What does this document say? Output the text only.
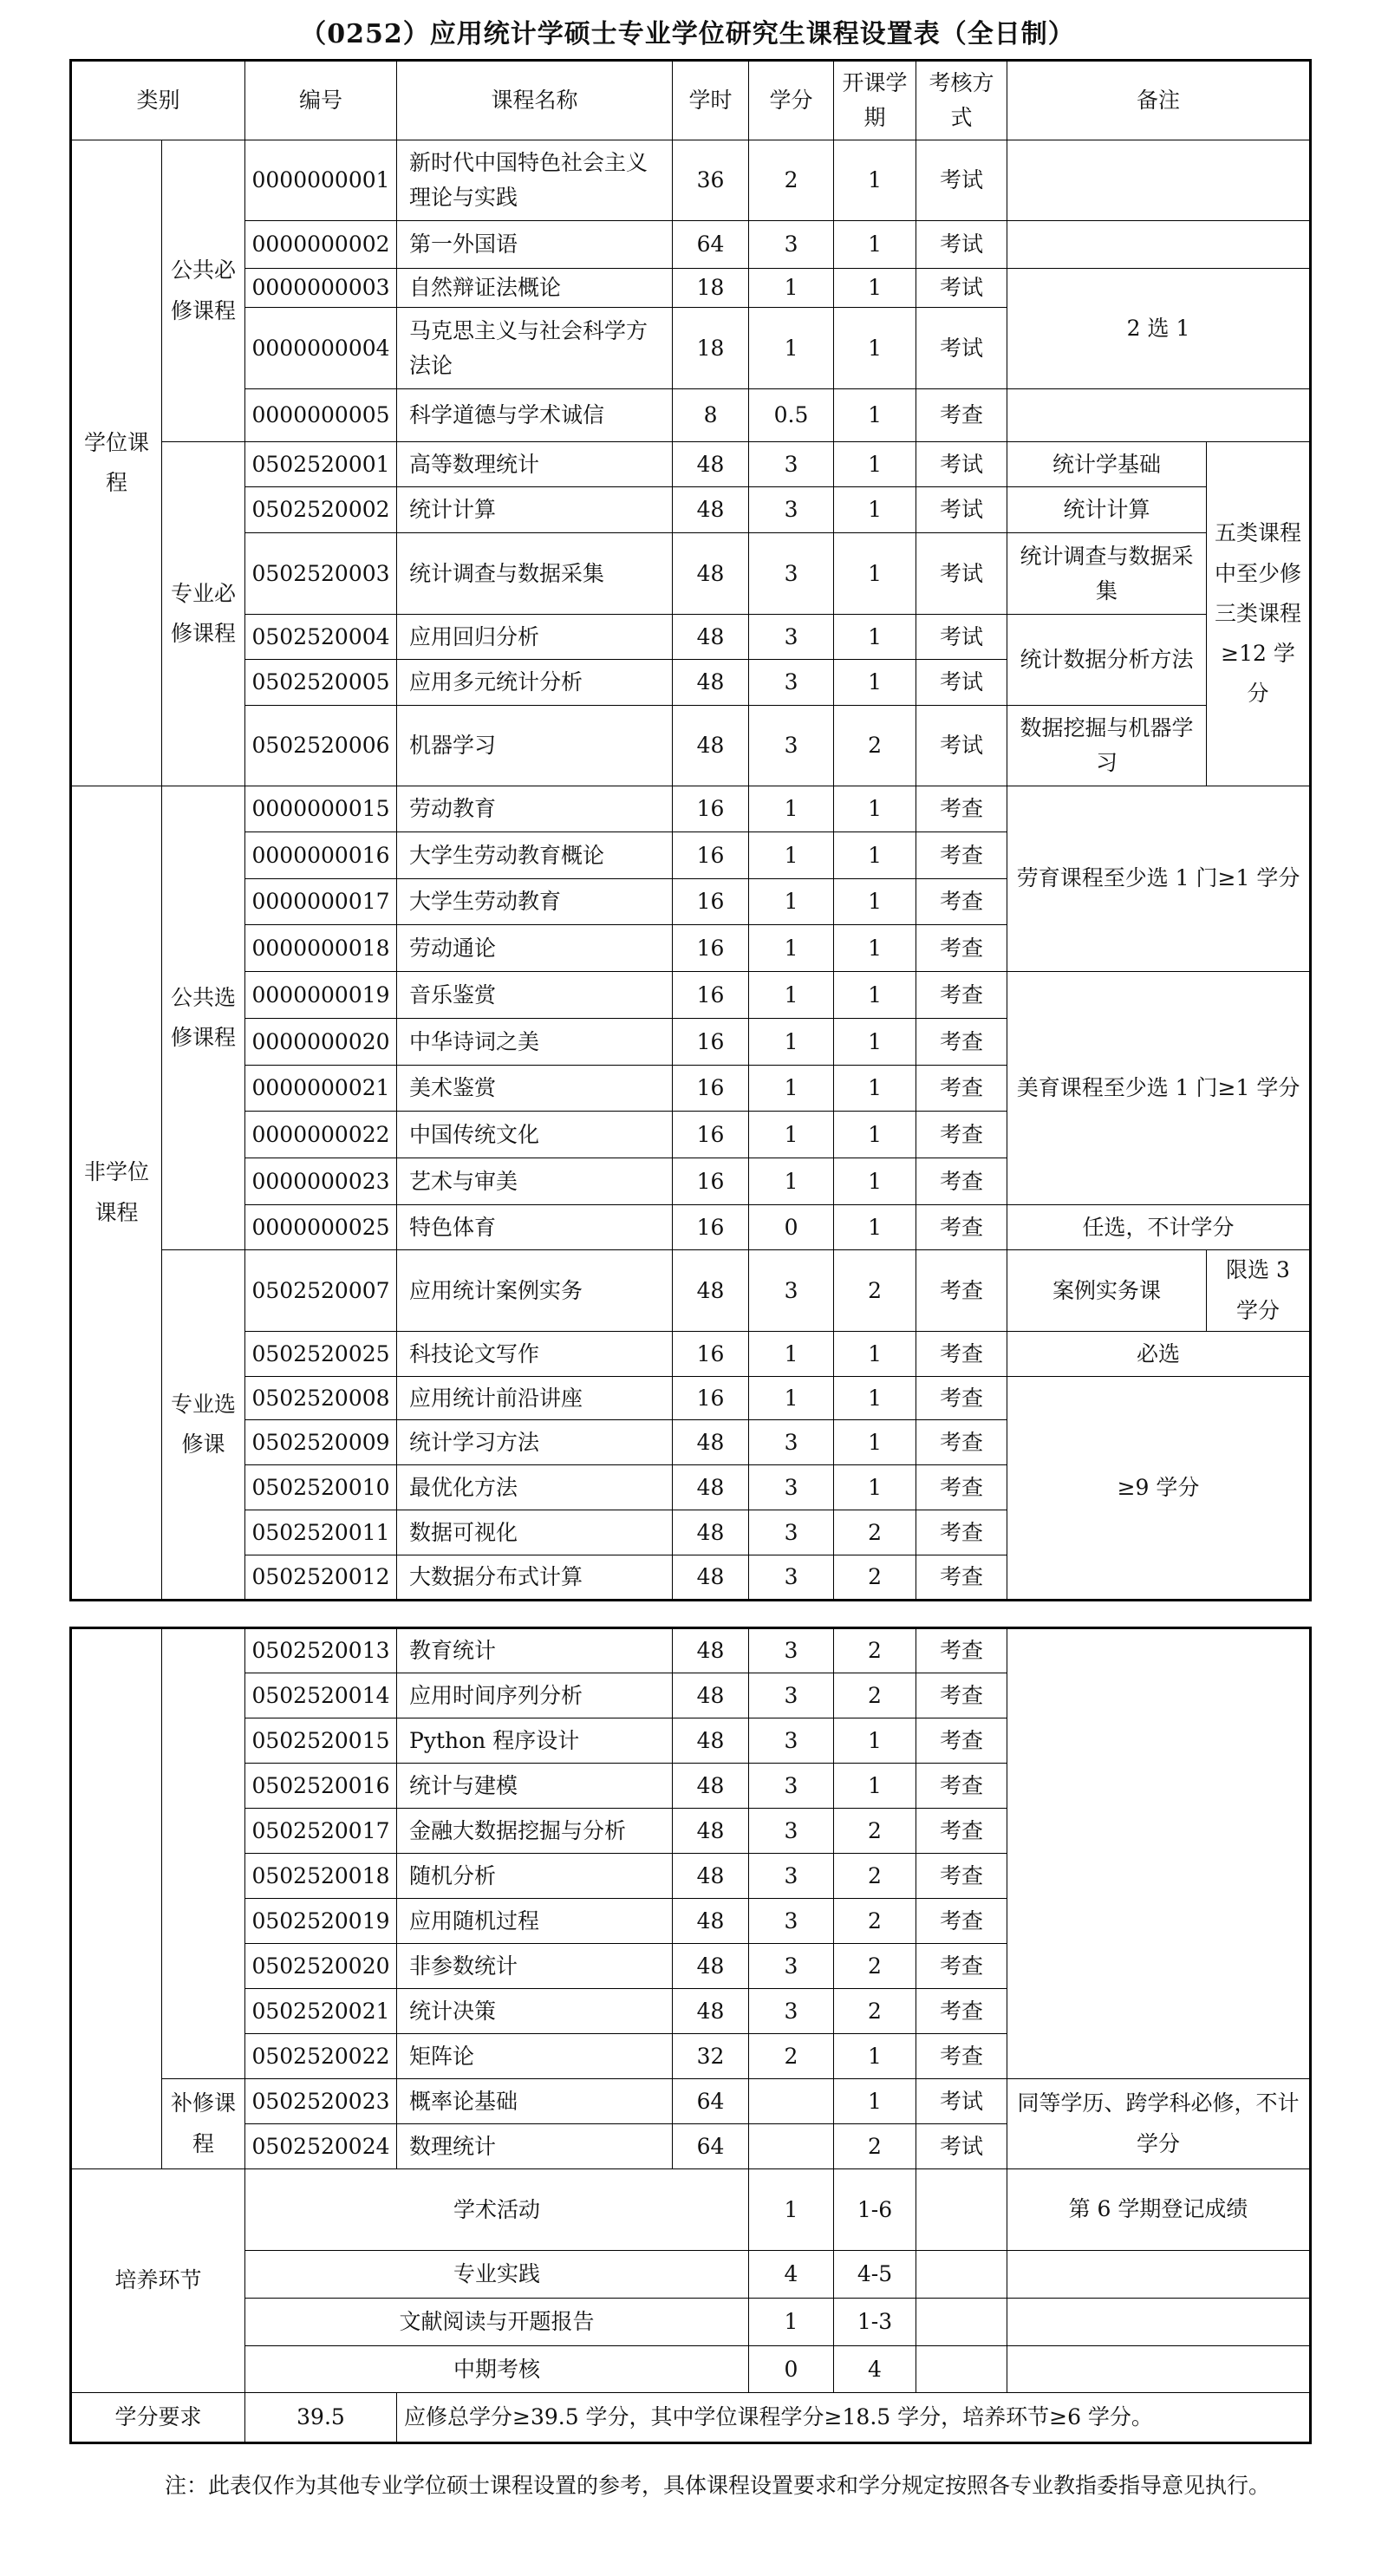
（0252）应用统计学硕士专业学位研究生课程设置表（全日制）
类别		编号	课程名称	学时	学分	开课学期	考核方式	备注	
学位课程	公共必修课程	0000000001	新时代中国特色社会主义理论与实践	36	2	1	考试		
		0000000002	第一外国语	64	3	1	考试		
		0000000003	自然辩证法概论	18	1	1	考试	2 选 1	
		0000000004	马克思主义与社会科学方法论	18	1	1	考试		
		0000000005	科学道德与学术诚信	8	0.5	1	考查		
	专业必修课程	0502520001	高等数理统计	48	3	1	考试	统计学基础	五类课程中至少修三类课程≥12 学分
		0502520002	统计计算	48	3	1	考试	统计计算	
		0502520003	统计调查与数据采集	48	3	1	考试	统计调查与数据采集	
		0502520004	应用回归分析	48	3	1	考试	统计数据分析方法	
		0502520005	应用多元统计分析	48	3	1	考试		
		0502520006	机器学习	48	3	2	考试	数据挖掘与机器学习	
非学位课程	公共选修课程	0000000015	劳动教育	16	1	1	考查	劳育课程至少选 1 门≥1 学分	
		0000000016	大学生劳动教育概论	16	1	1	考查		
		0000000017	大学生劳动教育	16	1	1	考查		
		0000000018	劳动通论	16	1	1	考查		
		0000000019	音乐鉴赏	16	1	1	考查	美育课程至少选 1 门≥1 学分	
		0000000020	中华诗词之美	16	1	1	考查		
		0000000021	美术鉴赏	16	1	1	考查		
		0000000022	中国传统文化	16	1	1	考查		
		0000000023	艺术与审美	16	1	1	考查		
		0000000025	特色体育	16	0	1	考查	任选，不计学分	
	专业选修课	0502520007	应用统计案例实务	48	3	2	考查	案例实务课	限选 3 学分
		0502520025	科技论文写作	16	1	1	考查	必选	
		0502520008	应用统计前沿讲座	16	1	1	考查	≥9 学分	
		0502520009	统计学习方法	48	3	1	考查		
		0502520010	最优化方法	48	3	1	考查		
		0502520011	数据可视化	48	3	2	考查		
		0502520012	大数据分布式计算	48	3	2	考查		
		0502520013	教育统计	48	3	2	考查	
		0502520014	应用时间序列分析	48	3	2	考查	
		0502520015	Python 程序设计	48	3	1	考查	
		0502520016	统计与建模	48	3	1	考查	
		0502520017	金融大数据挖掘与分析	48	3	2	考查	
		0502520018	随机分析	48	3	2	考查	
		0502520019	应用随机过程	48	3	2	考查	
		0502520020	非参数统计	48	3	2	考查	
		0502520021	统计决策	48	3	2	考查	
		0502520022	矩阵论	32	2	1	考查	
	补修课程	0502520023	概率论基础	64		1	考试	同等学历、跨学科必修，不计学分
		0502520024	数理统计	64		2	考试	
培养环节		学术活动			1	1-6		第 6 学期登记成绩
		专业实践			4	4-5		
		文献阅读与开题报告			1	1-3		
		中期考核			0	4		
学分要求		39.5	应修总学分≥39.5 学分，其中学位课程学分≥18.5 学分，培养环节≥6 学分。					
注：此表仅作为其他专业学位硕士课程设置的参考，具体课程设置要求和学分规定按照各专业教指委指导意见执行。
